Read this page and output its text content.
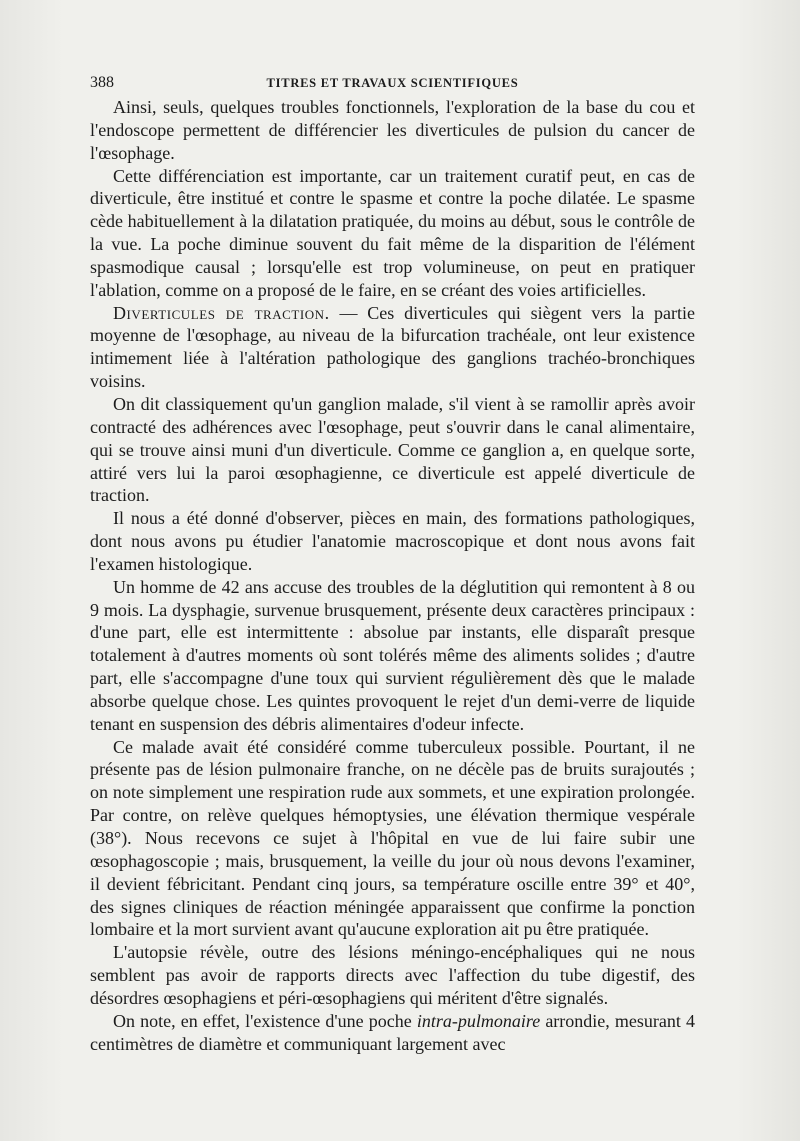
388	TITRES ET TRAVAUX SCIENTIFIQUES

Ainsi, seuls, quelques troubles fonctionnels, l'exploration de la base du cou et l'endoscope permettent de différencier les diverticules de pulsion du cancer de l'œsophage.

Cette différenciation est importante, car un traitement curatif peut, en cas de diverticule, être institué et contre le spasme et contre la poche dilatée. Le spasme cède habituellement à la dilatation pratiquée, du moins au début, sous le contrôle de la vue. La poche diminue souvent du fait même de la disparition de l'élément spasmodique causal ; lorsqu'elle est trop volumineuse, on peut en pratiquer l'ablation, comme on a proposé de le faire, en se créant des voies artificielles.

Diverticules de traction. — Ces diverticules qui siègent vers la partie moyenne de l'œsophage, au niveau de la bifurcation trachéale, ont leur existence intimement liée à l'altération pathologique des ganglions trachéo-bronchiques voisins.

On dit classiquement qu'un ganglion malade, s'il vient à se ramollir après avoir contracté des adhérences avec l'œsophage, peut s'ouvrir dans le canal alimentaire, qui se trouve ainsi muni d'un diverticule. Comme ce ganglion a, en quelque sorte, attiré vers lui la paroi œsophagienne, ce diverticule est appelé diverticule de traction.

Il nous a été donné d'observer, pièces en main, des formations pathologiques, dont nous avons pu étudier l'anatomie macroscopique et dont nous avons fait l'examen histologique.

Un homme de 42 ans accuse des troubles de la déglutition qui remontent à 8 ou 9 mois. La dysphagie, survenue brusquement, présente deux caractères principaux : d'une part, elle est intermittente : absolue par instants, elle disparaît presque totalement à d'autres moments où sont tolérés même des aliments solides ; d'autre part, elle s'accompagne d'une toux qui survient régulièrement dès que le malade absorbe quelque chose. Les quintes provoquent le rejet d'un demi-verre de liquide tenant en suspension des débris alimentaires d'odeur infecte.

Ce malade avait été considéré comme tuberculeux possible. Pourtant, il ne présente pas de lésion pulmonaire franche, on ne décèle pas de bruits surajoutés ; on note simplement une respiration rude aux sommets, et une expiration prolongée. Par contre, on relève quelques hémoptysies, une élévation thermique vespérale (38°). Nous recevons ce sujet à l'hôpital en vue de lui faire subir une œsophagoscopie ; mais, brusquement, la veille du jour où nous devons l'examiner, il devient fébricitant. Pendant cinq jours, sa température oscille entre 39° et 40°, des signes cliniques de réaction méningée apparaissent que confirme la ponction lombaire et la mort survient avant qu'aucune exploration ait pu être pratiquée.

L'autopsie révèle, outre des lésions méningo-encéphaliques qui ne nous semblent pas avoir de rapports directs avec l'affection du tube digestif, des désordres œsophagiens et péri-œsophagiens qui méritent d'être signalés.

On note, en effet, l'existence d'une poche intra-pulmonaire arrondie, mesurant 4 centimètres de diamètre et communiquant largement avec
